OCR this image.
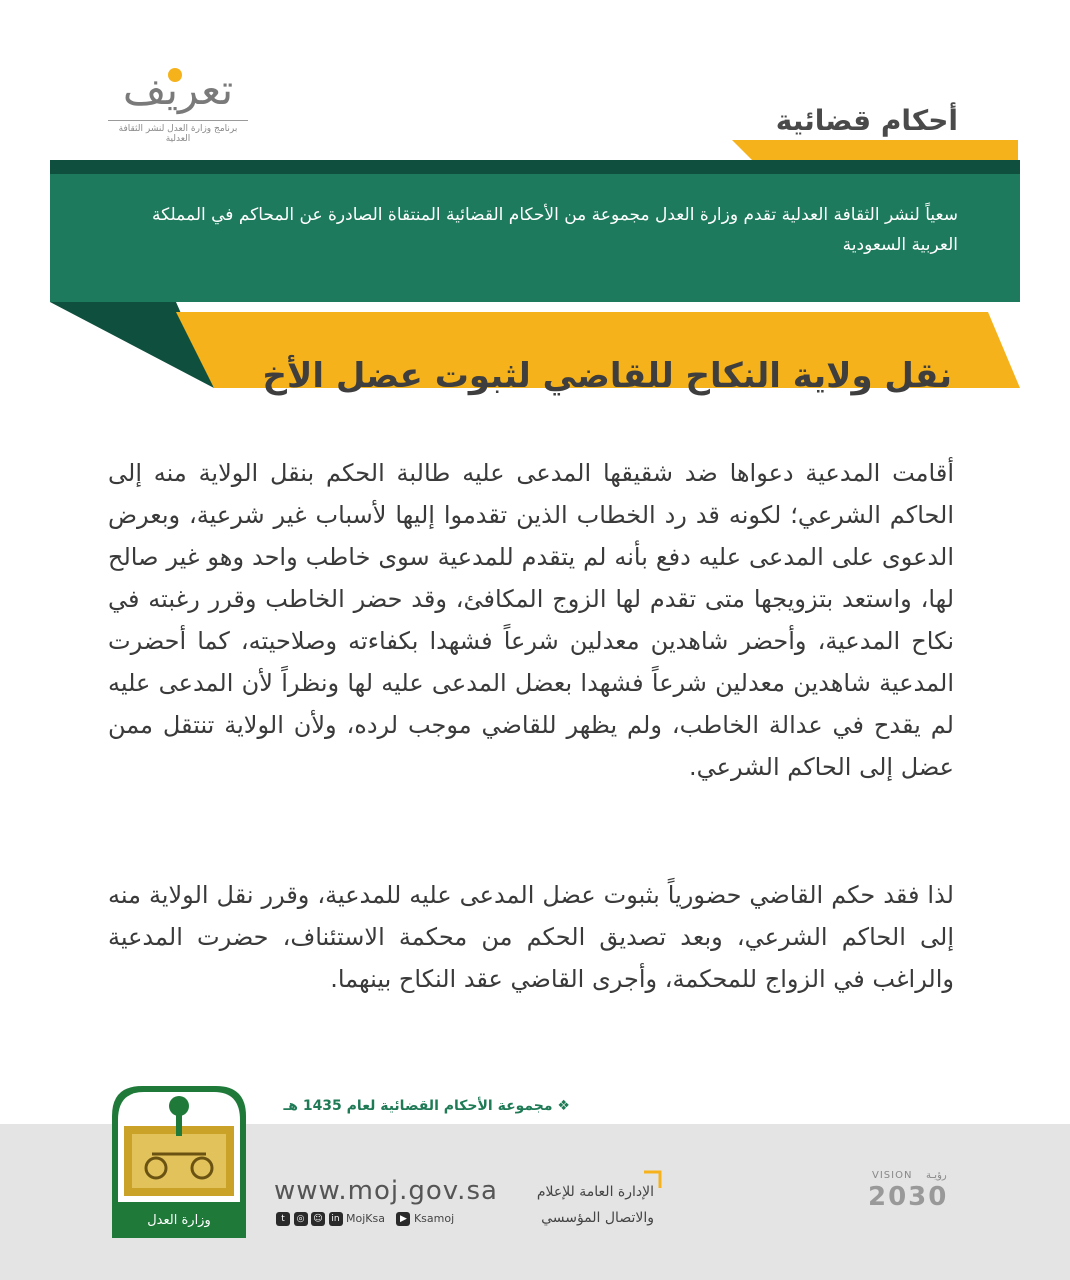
تعريف
برنامج وزارة العدل لنشر الثقافة العدلية
أحكام قضائية
سعياً لنشر الثقافة العدلية تقدم وزارة العدل مجموعة من الأحكام القضائية المنتقاة الصادرة عن المحاكم في المملكة العربية السعودية
نقل ولاية النكاح للقاضي لثبوت عضل الأخ
أقامت المدعية دعواها ضد شقيقها المدعى عليه طالبة الحكم بنقل الولاية منه إلى الحاكم الشرعي؛ لكونه قد رد الخطاب الذين تقدموا إليها لأسباب غير شرعية، وبعرض الدعوى على المدعى عليه دفع بأنه لم يتقدم للمدعية سوى خاطب واحد وهو غير صالح لها، واستعد بتزويجها متى تقدم لها الزوج المكافئ، وقد حضر الخاطب وقرر رغبته في نكاح المدعية، وأحضر شاهدين معدلين شرعاً فشهدا بكفاءته وصلاحيته، كما أحضرت المدعية شاهدين معدلين شرعاً فشهدا بعضل المدعى عليه لها ونظراً لأن المدعى عليه لم يقدح في عدالة الخاطب، ولم يظهر للقاضي موجب لرده، ولأن الولاية تنتقل ممن عضل إلى الحاكم الشرعي.
لذا فقد حكم القاضي حضورياً بثبوت عضل المدعى عليه للمدعية، وقرر نقل الولاية منه إلى الحاكم الشرعي، وبعد تصديق الحكم من محكمة الاستئناف، حضرت المدعية والراغب في الزواج للمحكمة، وأجرى القاضي عقد النكاح بينهما.
❖ مجموعة الأحكام القضائية لعام 1435 هـ
وزارة العدل
www.moj.gov.sa
t ◎ ☺ in MojKsa ▶ Ksamoj
الإدارة العامة للإعلام
والاتصال المؤسسي
VISION رؤيـة
2030
